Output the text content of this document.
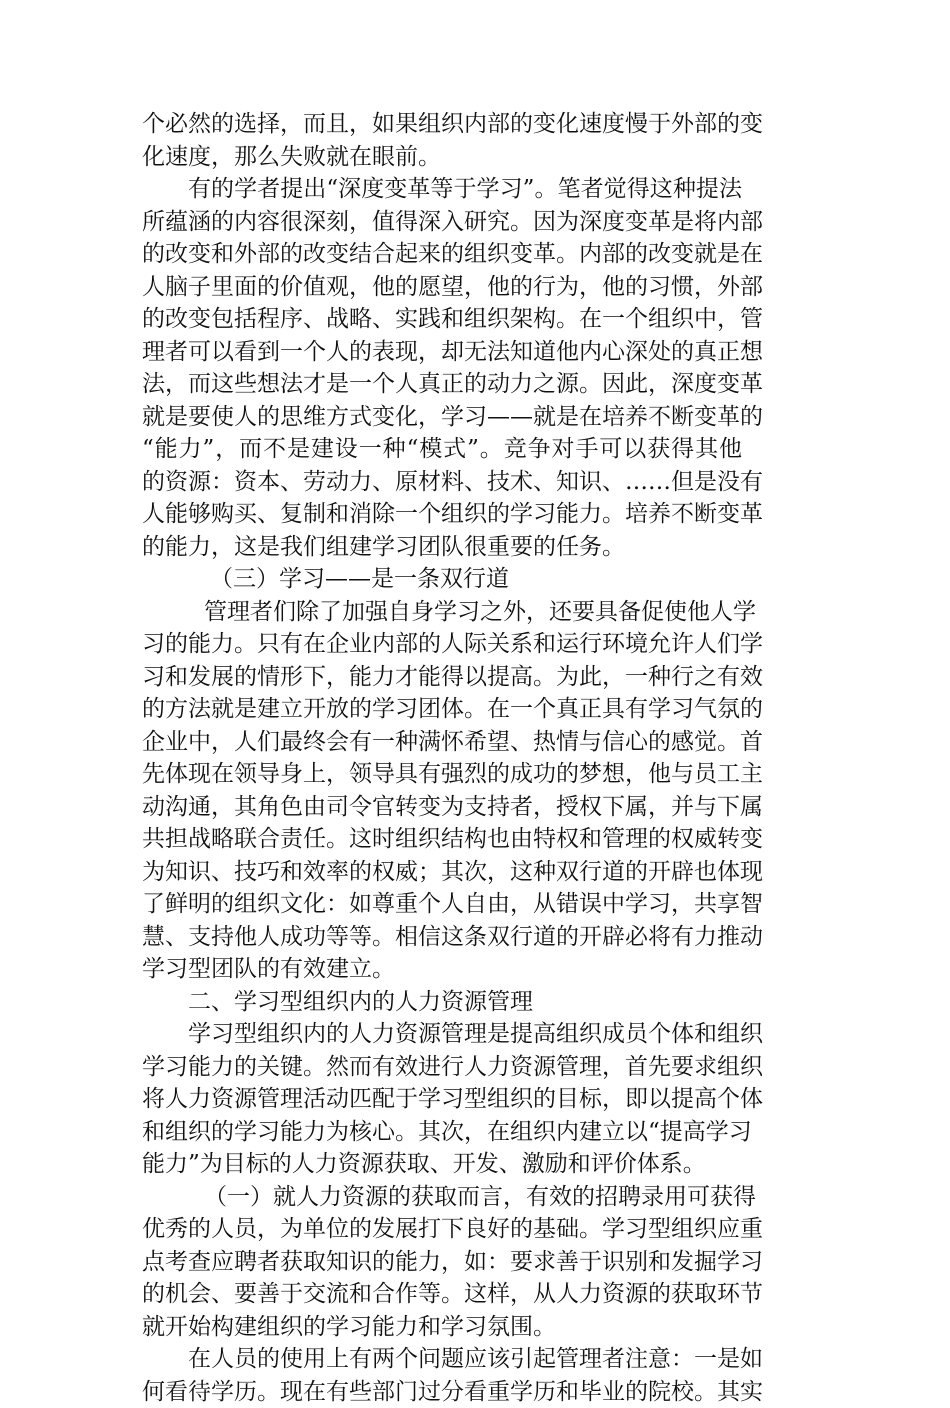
个必然的选择，而且，如果组织内部的变化速度慢于外部的变
化速度，那么失败就在眼前。
有的学者提出“深度变革等于学习”。笔者觉得这种提法
所蕴涵的内容很深刻，值得深入研究。因为深度变革是将内部
的改变和外部的改变结合起来的组织变革。内部的改变就是在
人脑子里面的价值观，他的愿望，他的行为，他的习惯，外部
的改变包括程序、战略、实践和组织架构。在一个组织中，管
理者可以看到一个人的表现，却无法知道他内心深处的真正想
法，而这些想法才是一个人真正的动力之源。因此，深度变革
就是要使人的思维方式变化，学习——就是在培养不断变革的
“能力”，而不是建设一种“模式”。竞争对手可以获得其他
的资源：资本、劳动力、原材料、技术、知识、……但是没有
人能够购买、复制和消除一个组织的学习能力。培养不断变革
的能力，这是我们组建学习团队很重要的任务。
（三）学习——是一条双行道
管理者们除了加强自身学习之外，还要具备促使他人学
习的能力。只有在企业内部的人际关系和运行环境允许人们学
习和发展的情形下，能力才能得以提高。为此，一种行之有效
的方法就是建立开放的学习团体。在一个真正具有学习气氛的
企业中，人们最终会有一种满怀希望、热情与信心的感觉。首
先体现在领导身上，领导具有强烈的成功的梦想，他与员工主
动沟通，其角色由司令官转变为支持者，授权下属，并与下属
共担战略联合责任。这时组织结构也由特权和管理的权威转变
为知识、技巧和效率的权威；其次，这种双行道的开辟也体现
了鲜明的组织文化：如尊重个人自由，从错误中学习，共享智
慧、支持他人成功等等。相信这条双行道的开辟必将有力推动
学习型团队的有效建立。
二、学习型组织内的人力资源管理
学习型组织内的人力资源管理是提高组织成员个体和组织
学习能力的关键。然而有效进行人力资源管理，首先要求组织
将人力资源管理活动匹配于学习型组织的目标，即以提高个体
和组织的学习能力为核心。其次，在组织内建立以“提高学习
能力”为目标的人力资源获取、开发、激励和评价体系。
（一）就人力资源的获取而言，有效的招聘录用可获得
优秀的人员，为单位的发展打下良好的基础。学习型组织应重
点考查应聘者获取知识的能力，如：要求善于识别和发掘学习
的机会、要善于交流和合作等。这样，从人力资源的获取环节
就开始构建组织的学习能力和学习氛围。
在人员的使用上有两个问题应该引起管理者注意：一是如
何看待学历。现在有些部门过分看重学历和毕业的院校。其实
